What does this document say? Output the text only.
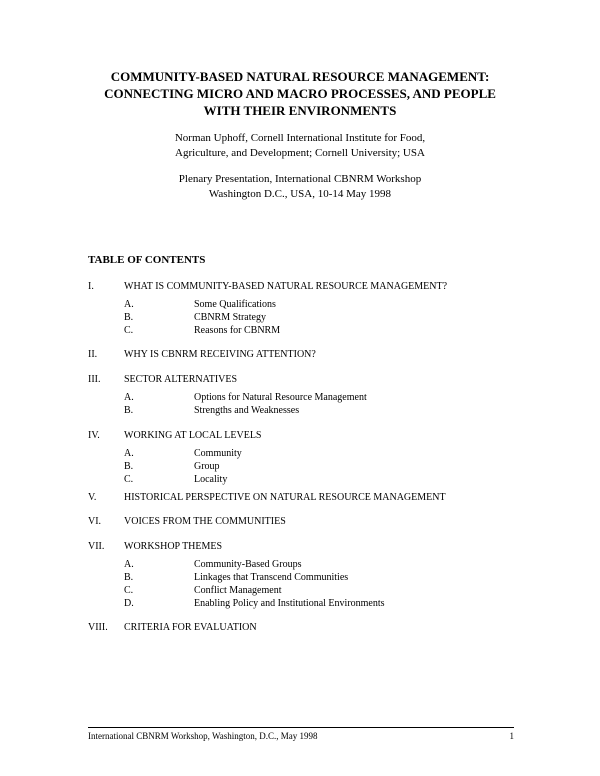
COMMUNITY-BASED NATURAL RESOURCE MANAGEMENT:
CONNECTING MICRO AND MACRO PROCESSES, AND PEOPLE
WITH THEIR ENVIRONMENTS
Norman Uphoff, Cornell International Institute for Food,
Agriculture, and Development; Cornell University; USA
Plenary Presentation, International CBNRM Workshop
Washington D.C., USA, 10-14 May 1998
TABLE OF CONTENTS
I.	WHAT IS COMMUNITY-BASED NATURAL RESOURCE MANAGEMENT?
A.	Some Qualifications
B.	CBNRM Strategy
C.	Reasons for CBNRM
II.	WHY IS CBNRM RECEIVING ATTENTION?
III. SECTOR ALTERNATIVES
A.	Options for Natural Resource Management
B.	Strengths and Weaknesses
IV. WORKING AT LOCAL LEVELS
A.	Community
B.	Group
C.	Locality
V.	HISTORICAL PERSPECTIVE ON NATURAL RESOURCE MANAGEMENT
VI. VOICES FROM THE COMMUNITIES
VII. WORKSHOP THEMES
A.	Community-Based Groups
B.	Linkages that Transcend Communities
C.	Conflict Management
D.	Enabling Policy and Institutional Environments
VIII. CRITERIA FOR EVALUATION
International CBNRM Workshop, Washington, D.C., May 1998	1
